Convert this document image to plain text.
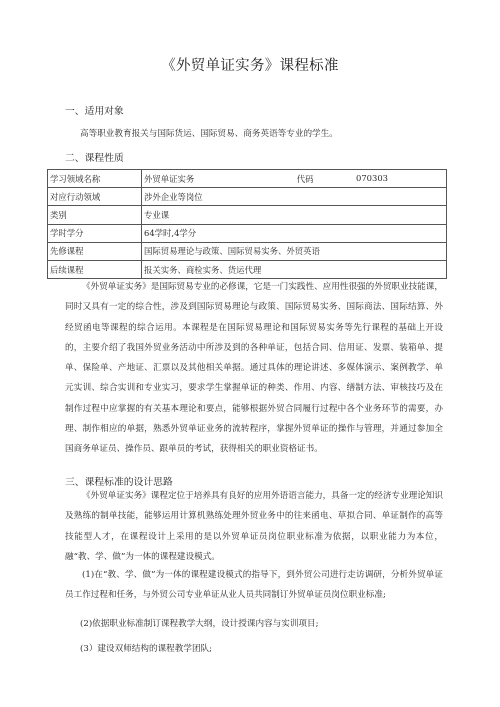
《外贸单证实务》课程标准
一、适用对象
高等职业教育报关与国际货运、国际贸易、商务英语等专业的学生。
二、课程性质
学习领域名称	外贸单证实务 代码 070303

对应行动领域	涉外企业等岗位
类别	专业课
学时学分	64学时,4学分
先修课程	国际贸易理论与政策、国际贸易实务、外贸英语
后续课程	报关实务、商检实务、货运代理
《外贸单证实务》是国际贸易专业的必修课，它是一门实践性、应用性很强的外贸职业技能课，同时又具有一定的综合性，涉及到国际贸易理论与政策、国际贸易实务、国际商法、国际结算、外经贸函电等课程的综合运用。本课程是在国际贸易理论和国际贸易实务等先行课程的基础上开设的，主要介绍了我国外贸业务活动中所涉及到的各种单证，包括合同、信用证、发票、装箱单、提单、保险单、产地证、汇票以及其他相关单据。通过具体的理论讲述、多媒体演示、案例教学、单元实训、综合实训和专业实习，要求学生掌握单证的种类、作用、内容、缮制方法、审核技巧及在制作过程中应掌握的有关基本理论和要点，能够根据外贸合同履行过程中各个业务环节的需要，办理、制作相应的单据，熟悉外贸单证业务的流转程序，掌握外贸单证的操作与管理，并通过参加全国商务单证员、操作员、跟单员的考试，获得相关的职业资格证书。
三、课程标准的设计思路
《外贸单证实务》课程定位于培养具有良好的应用外语语言能力，具备一定的经济专业理论知识及熟练的制单技能，能够运用计算机熟练处理外贸业务中的往来函电、草拟合同、单证制作的高等技能型人才，在课程设计上采用的是以外贸单证员岗位职业标准为依据，以职业能力为本位，融“教、学、做”为一体的课程建设模式。
(1)在“教、学、做”为一体的课程建设模式的指导下，到外贸公司进行走访调研，分析外贸单证员工作过程和任务，与外贸公司专业单证从业人员共同制订外贸单证员岗位职业标准;
(2)依据职业标准制订课程教学大纲，设计授课内容与实训项目;
(3）建设双师结构的课程教学团队;
